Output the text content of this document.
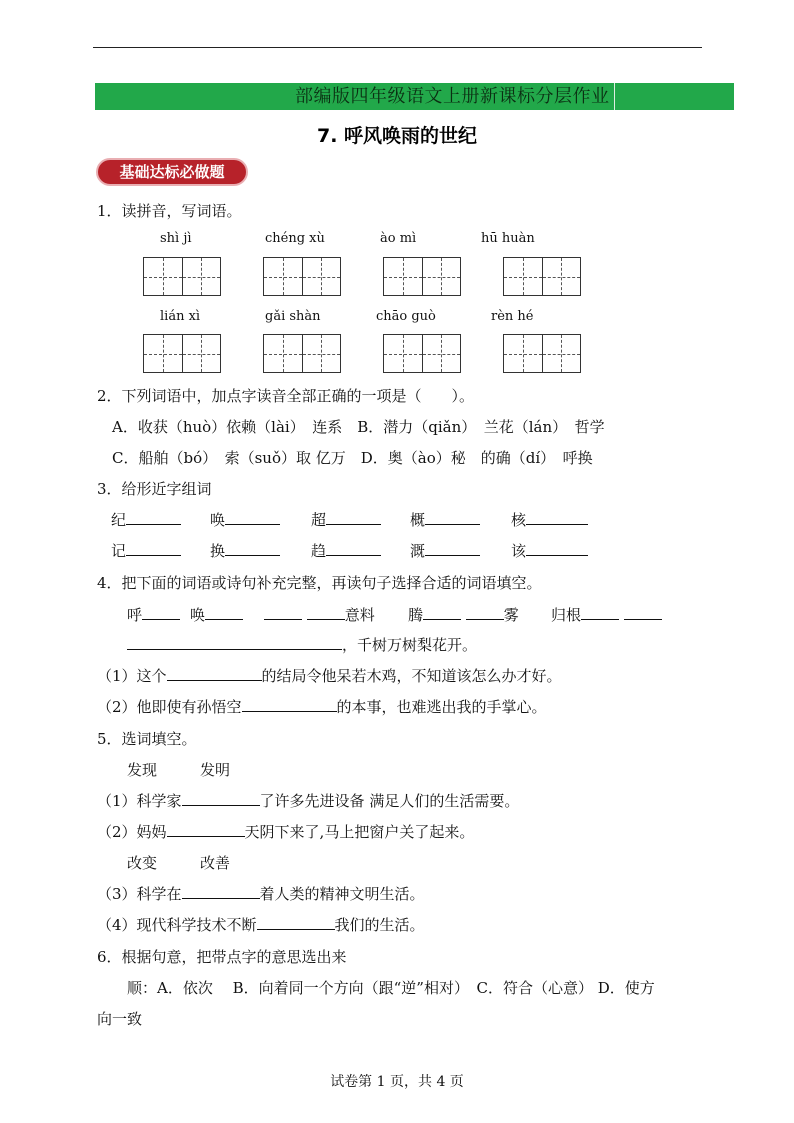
部编版四年级语文上册新课标分层作业
7. 呼风唤雨的世纪
基础达标必做题
1．读拼音，写词语。
shì jì	chéng xù	ào mì	hū huàn
lián xì	gǎi shàn	chāo guò	rèn hé
2．下列词语中，加点字读音全部正确的一项是（　　）。
A．收获（huò）依赖（lài）　连系　B．潜力（qiǎn）　兰花（lán）　哲学
C．船舶（bó）　索（suǒ）取 亿万　D．奥（ào）秘　的确（dí）　呼换
3．给形近字组词
纪	唤	超	概	核
记	换	趋	溉	该
4．把下面的词语或诗句补充完整，再读句子选择合适的词语填空。
呼	唤	意料 腾	雾 归根
，千树万树梨花开。
（1）这个	的结局令他呆若木鸡，不知道该怎么办才好。
（2）他即使有孙悟空	的本事，也难逃出我的手掌心。
5．选词填空。
发现	发明
（1）科学家	了许多先进设备 满足人们的生活需要。
（2）妈妈	天阴下来了,马上把窗户关了起来。
改变	改善
（3）科学在	着人类的精神文明生活。
（4）现代科学技术不断	我们的生活。
6．根据句意，把带点字的意思选出来
顺：A．依次　 B．向着同一个方向（跟“逆”相对）　C．符合（心意） D．使方
向一致
试卷第 1 页，共 4 页
